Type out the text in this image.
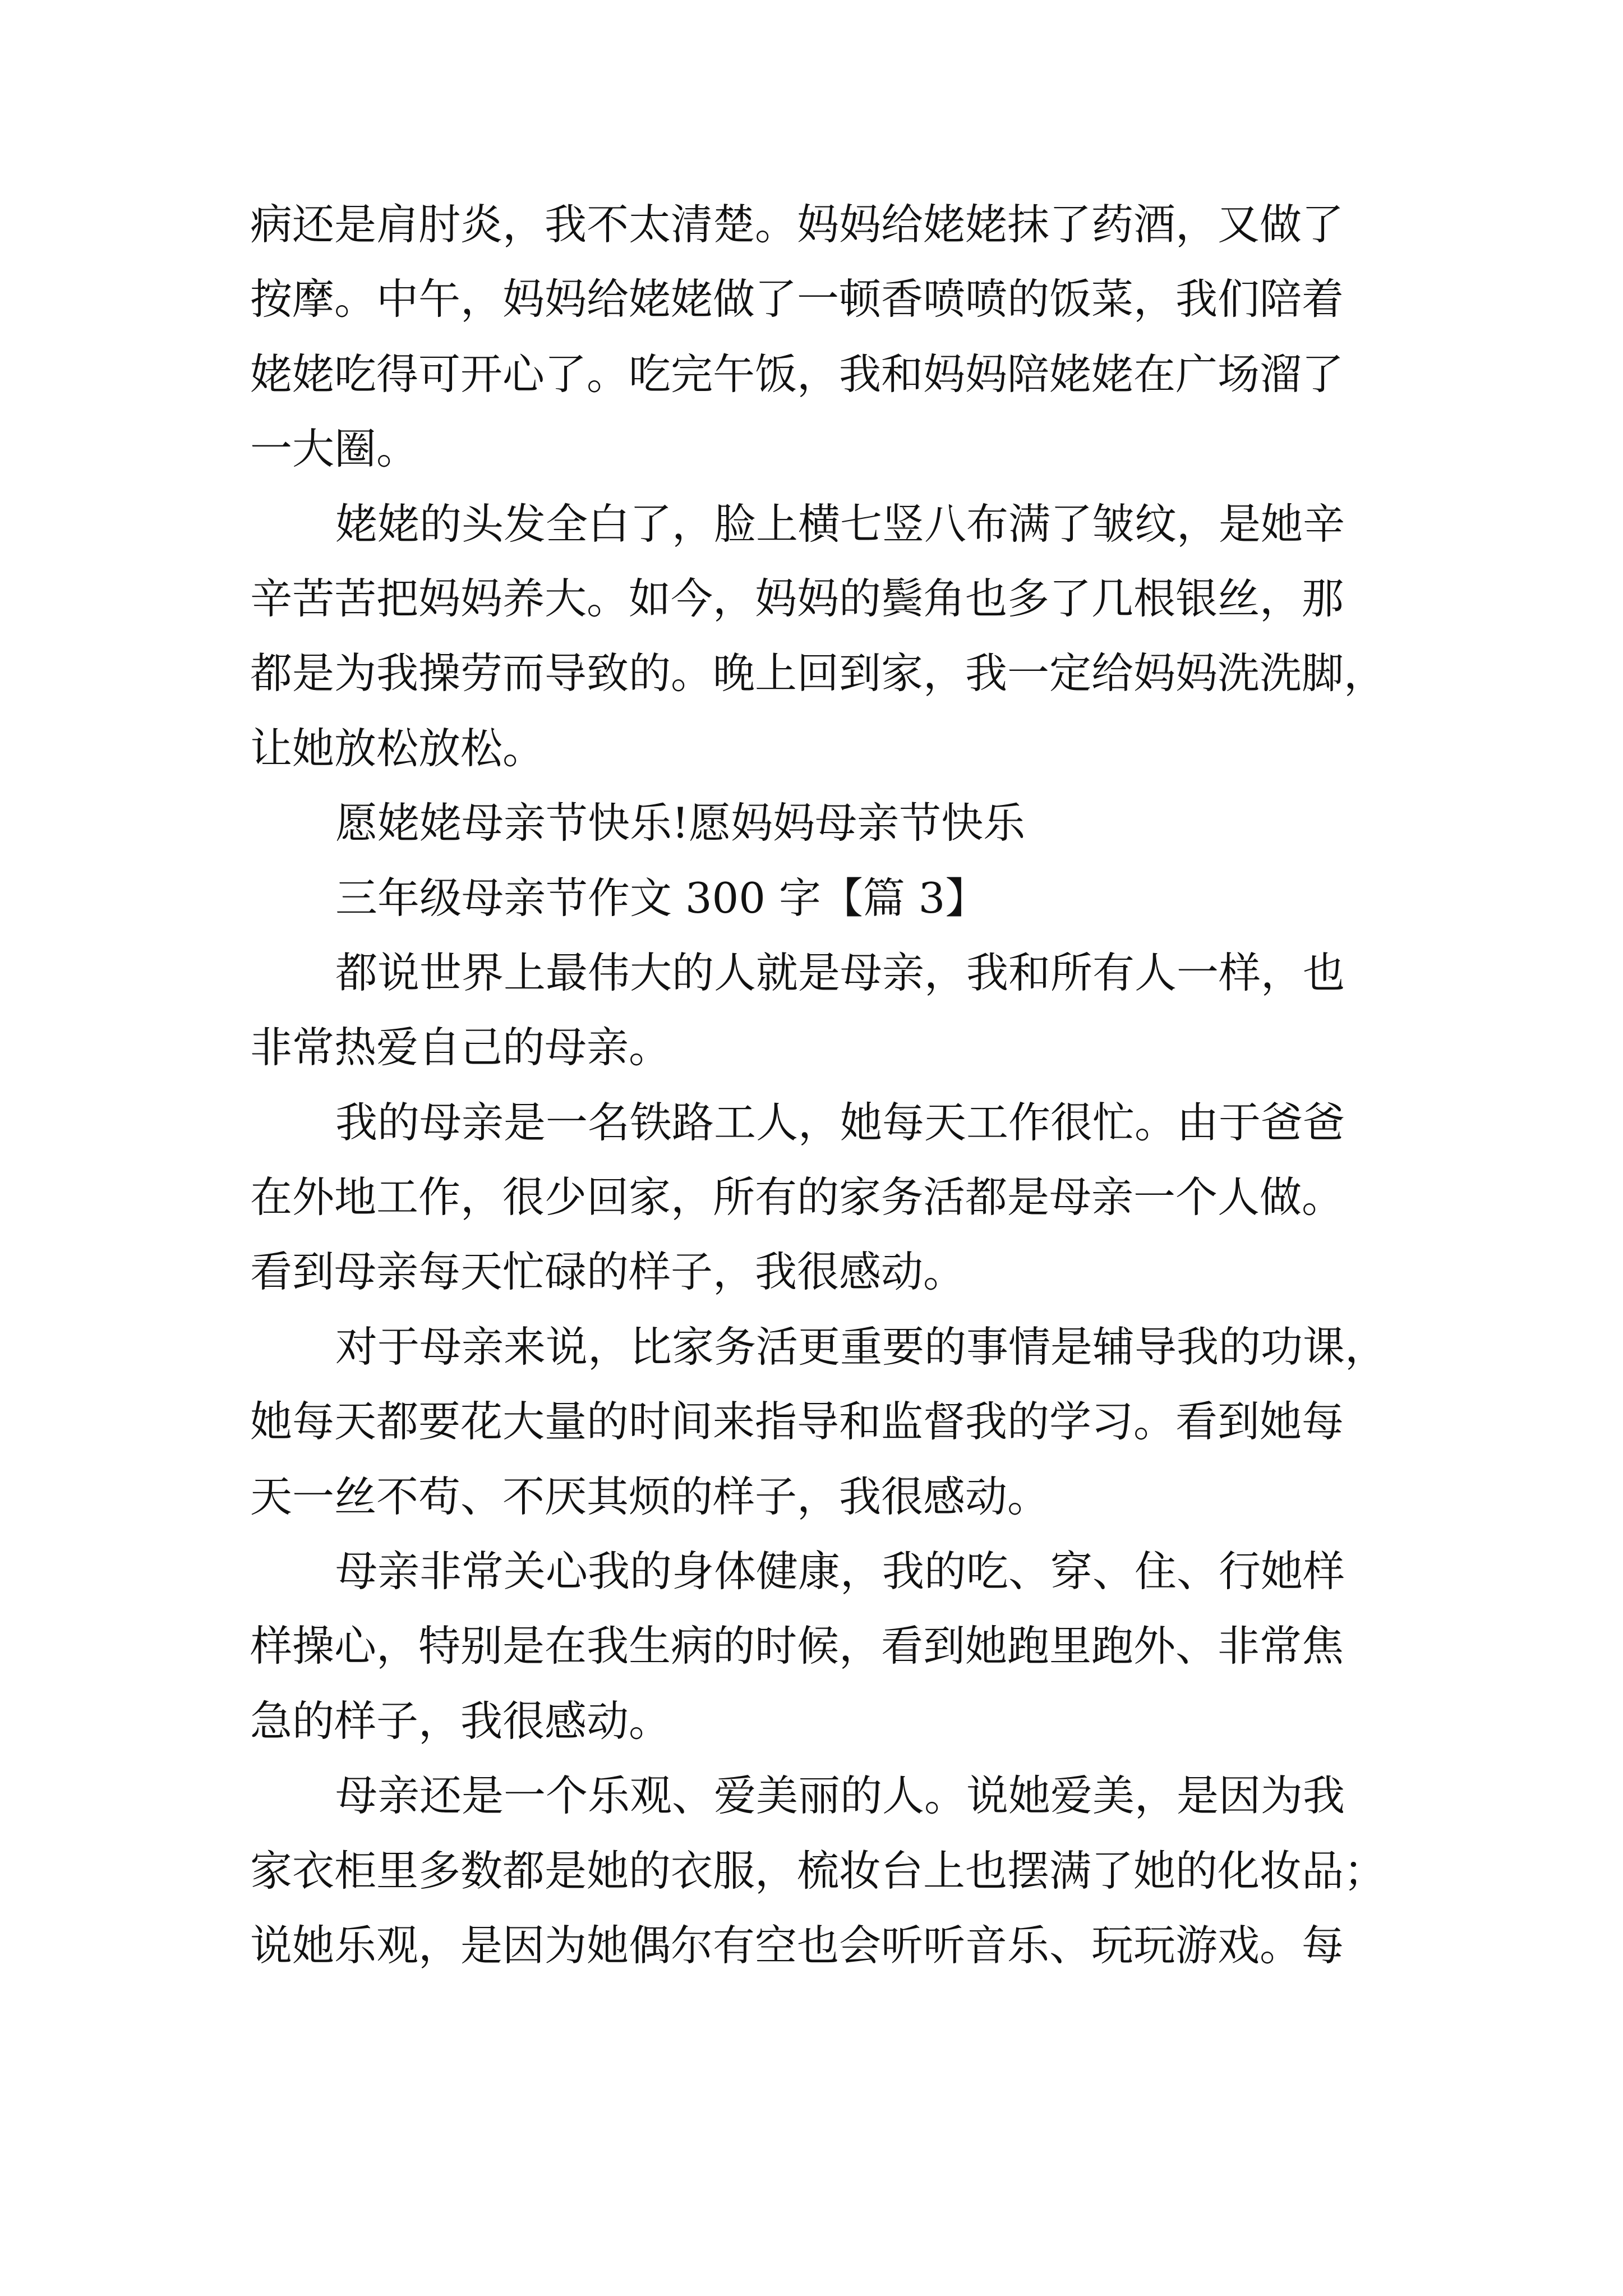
病还是肩肘炎，我不太清楚。妈妈给姥姥抹了药酒，又做了
按摩。中午，妈妈给姥姥做了一顿香喷喷的饭菜，我们陪着
姥姥吃得可开心了。吃完午饭，我和妈妈陪姥姥在广场溜了
一大圈。
姥姥的头发全白了，脸上横七竖八布满了皱纹，是她辛
辛苦苦把妈妈养大。如今，妈妈的鬓角也多了几根银丝，那
都是为我操劳而导致的。晚上回到家，我一定给妈妈洗洗脚，
让她放松放松。
愿姥姥母亲节快乐!愿妈妈母亲节快乐
三年级母亲节作文 300 字【篇 3】
都说世界上最伟大的人就是母亲，我和所有人一样，也
非常热爱自己的母亲。
我的母亲是一名铁路工人，她每天工作很忙。由于爸爸
在外地工作，很少回家，所有的家务活都是母亲一个人做。
看到母亲每天忙碌的样子，我很感动。
对于母亲来说，比家务活更重要的事情是辅导我的功课，
她每天都要花大量的时间来指导和监督我的学习。看到她每
天一丝不苟、不厌其烦的样子，我很感动。
母亲非常关心我的身体健康，我的吃、穿、住、行她样
样操心，特别是在我生病的时候，看到她跑里跑外、非常焦
急的样子，我很感动。
母亲还是一个乐观、爱美丽的人。说她爱美，是因为我
家衣柜里多数都是她的衣服，梳妆台上也摆满了她的化妆品；
说她乐观，是因为她偶尔有空也会听听音乐、玩玩游戏。每
